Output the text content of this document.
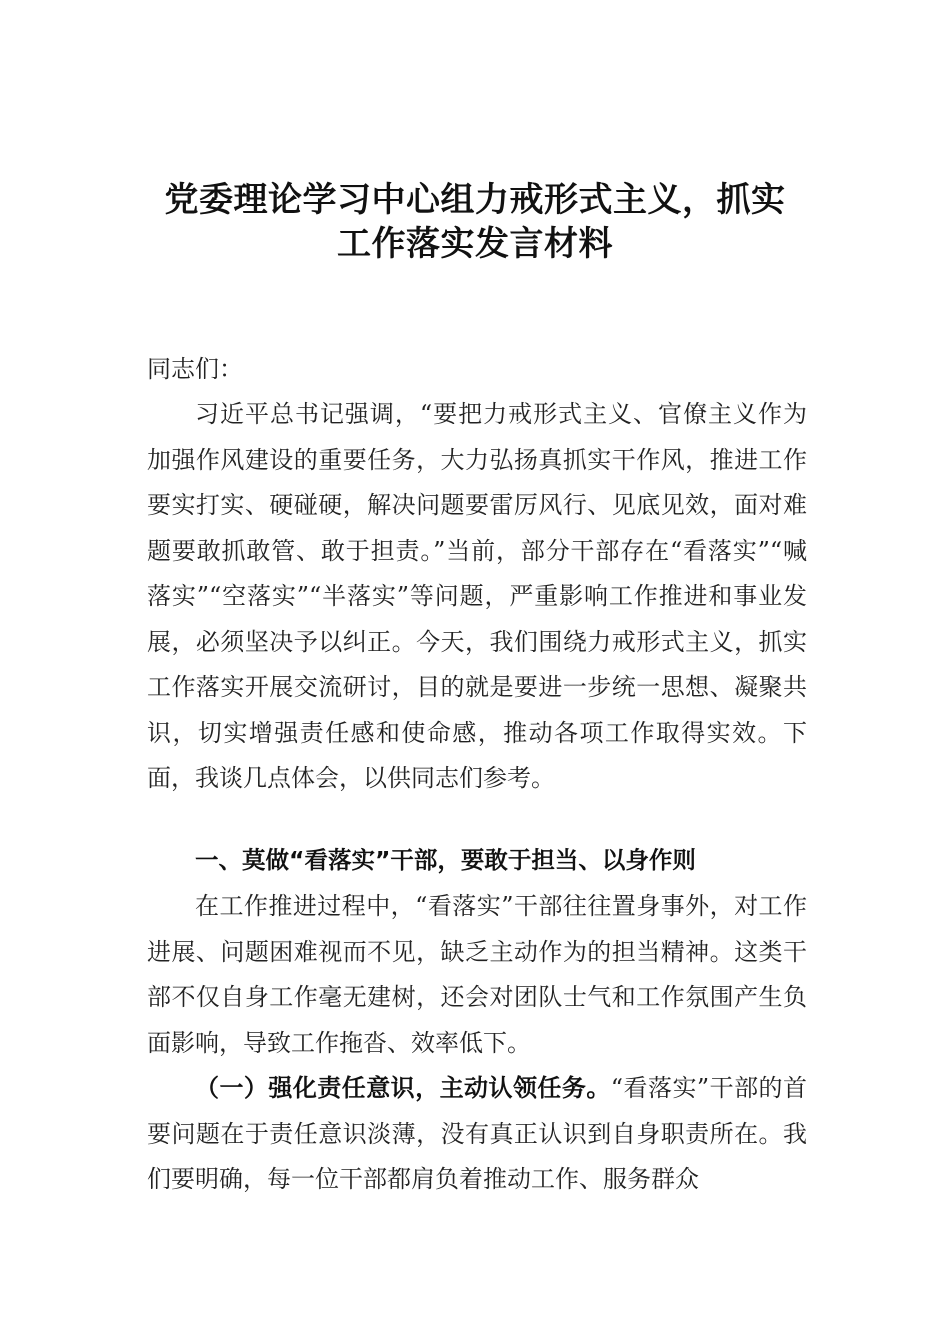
党委理论学习中心组力戒形式主义，抓实
工作落实发言材料

同志们：

习近平总书记强调，“要把力戒形式主义、官僚主义作为加强作风建设的重要任务，大力弘扬真抓实干作风，推进工作要实打实、硬碰硬，解决问题要雷厉风行、见底见效，面对难题要敢抓敢管、敢于担责。”当前，部分干部存在“看落实”“喊落实”“空落实”“半落实”等问题，严重影响工作推进和事业发展，必须坚决予以纠正。今天，我们围绕力戒形式主义，抓实工作落实开展交流研讨，目的就是要进一步统一思想、凝聚共识，切实增强责任感和使命感，推动各项工作取得实效。下面，我谈几点体会，以供同志们参考。

一、莫做“看落实”干部，要敢于担当、以身作则

在工作推进过程中，“看落实”干部往往置身事外，对工作进展、问题困难视而不见，缺乏主动作为的担当精神。这类干部不仅自身工作毫无建树，还会对团队士气和工作氛围产生负面影响，导致工作拖沓、效率低下。

（一）强化责任意识，主动认领任务。“看落实”干部的首要问题在于责任意识淡薄，没有真正认识到自身职责所在。我们要明确，每一位干部都肩负着推动工作、服务群众
